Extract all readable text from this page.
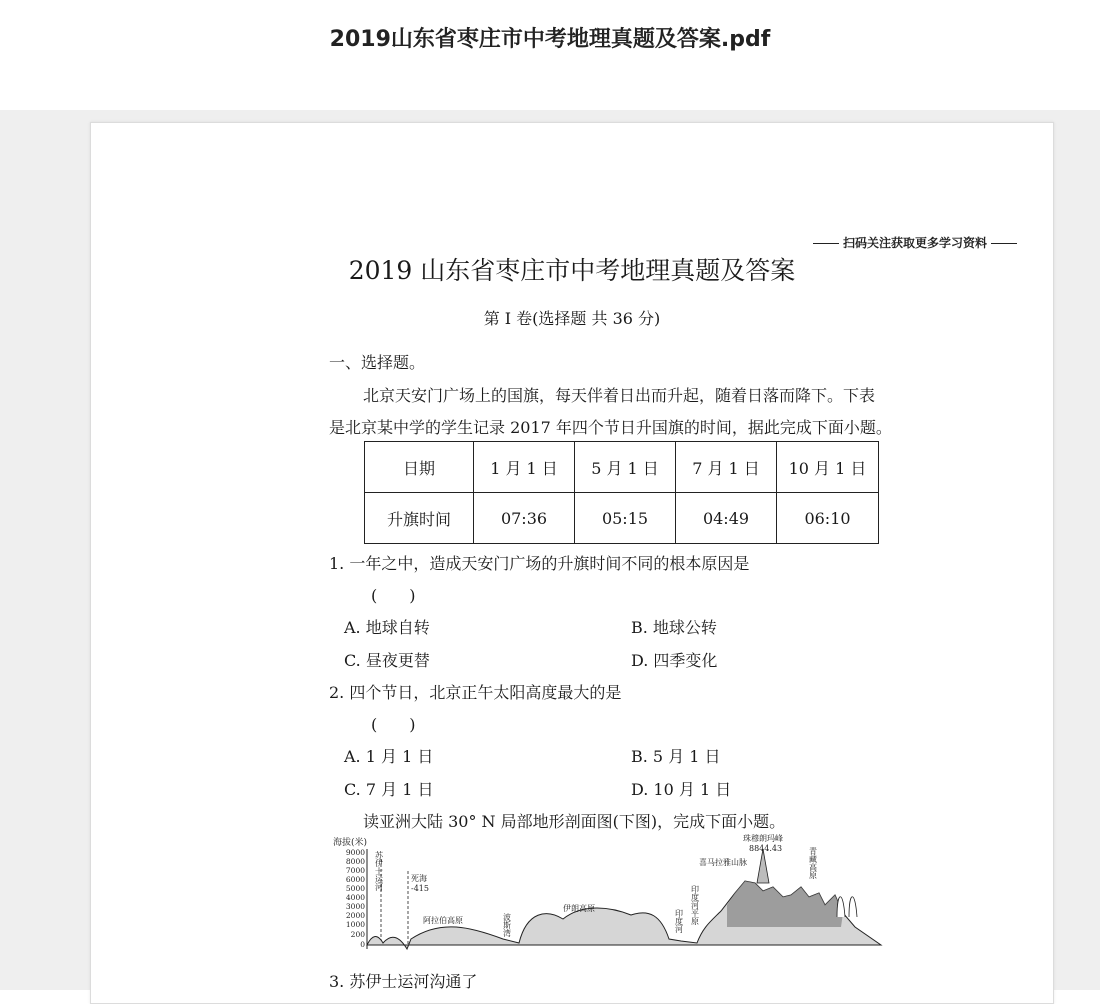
2019山东省枣庄市中考地理真题及答案.pdf
扫码关注获取更多学习资料
2019 山东省枣庄市中考地理真题及答案
第 I 卷(选择题 共 36 分)
一、选择题。
北京天安门广场上的国旗，每天伴着日出而升起，随着日落而降下。下表
是北京某中学的学生记录 2017 年四个节日升国旗的时间，据此完成下面小题。
日期	1 月 1 日	5 月 1 日	7 月 1 日	10 月 1 日
升旗时间	07:36	05:15	04:49	06:10
1. 一年之中，造成天安门广场的升旗时间不同的根本原因是
(　　)
A. 地球自转	B. 地球公转
C. 昼夜更替	D. 四季变化
2. 四个节日，北京正午太阳高度最大的是
(　　)
A. 1 月 1 日	B. 5 月 1 日
C. 7 月 1 日	D. 10 月 1 日
读亚洲大陆 30° N 局部地形剖面图(下图)，完成下面小题。
海拔(米)
9000
8000
7000
6000
5000
4000
3000
2000
1000
200
0
苏伊士运河	死海
-415
阿拉伯高原	波斯湾
伊朗高原
印度河 印度河平原
喜马拉雅山脉
珠穆朗玛峰
8844.43	青藏高原
3. 苏伊士运河沟通了
